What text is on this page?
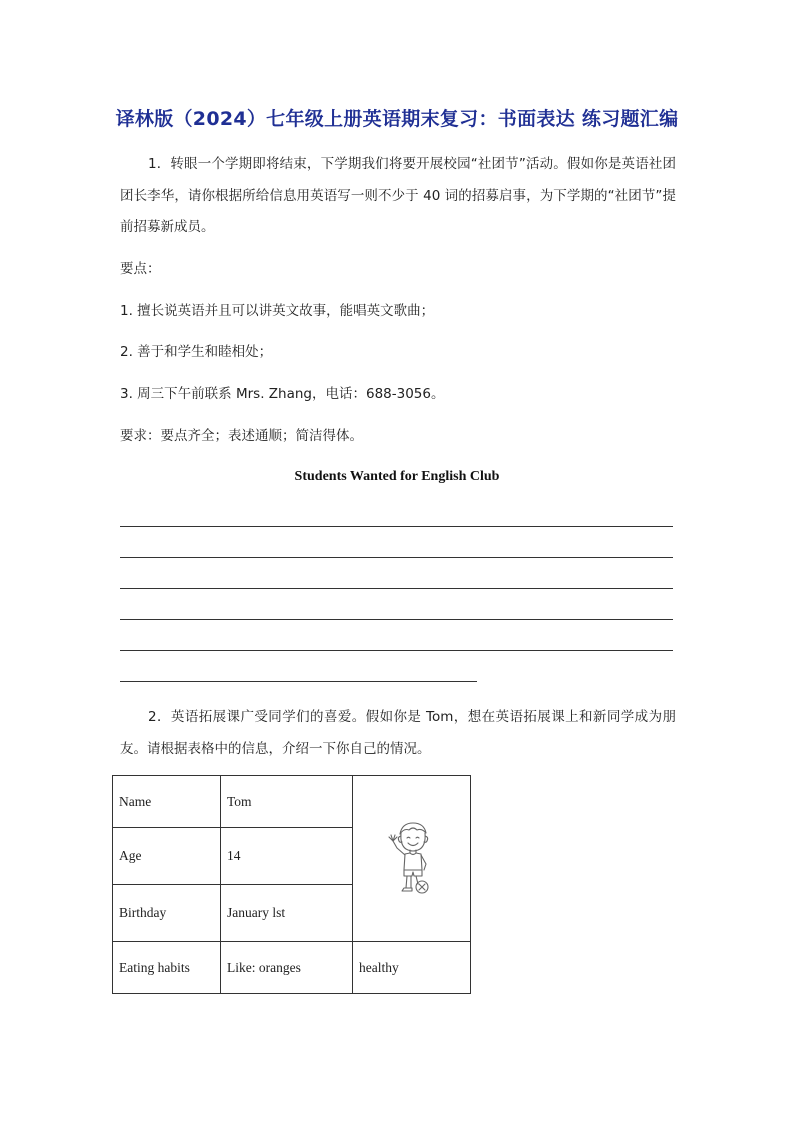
译林版（2024）七年级上册英语期末复习：书面表达 练习题汇编
1．转眼一个学期即将结束，下学期我们将要开展校园“社团节”活动。假如你是英语社团团长李华，请你根据所给信息用英语写一则不少于 40 词的招募启事，为下学期的“社团节”提前招募新成员。
要点：
1. 擅长说英语并且可以讲英文故事，能唱英文歌曲；
2. 善于和学生和睦相处；
3. 周三下午前联系 Mrs. Zhang，电话：688-3056。
要求：要点齐全；表述通顺；简洁得体。
Students Wanted for English Club
2．英语拓展课广受同学们的喜爱。假如你是 Tom，想在英语拓展课上和新同学成为朋友。请根据表格中的信息，介绍一下你自己的情况。
Name	Tom	
Age	14	
Birthday	January lst	
Eating habits	Like: oranges	healthy
